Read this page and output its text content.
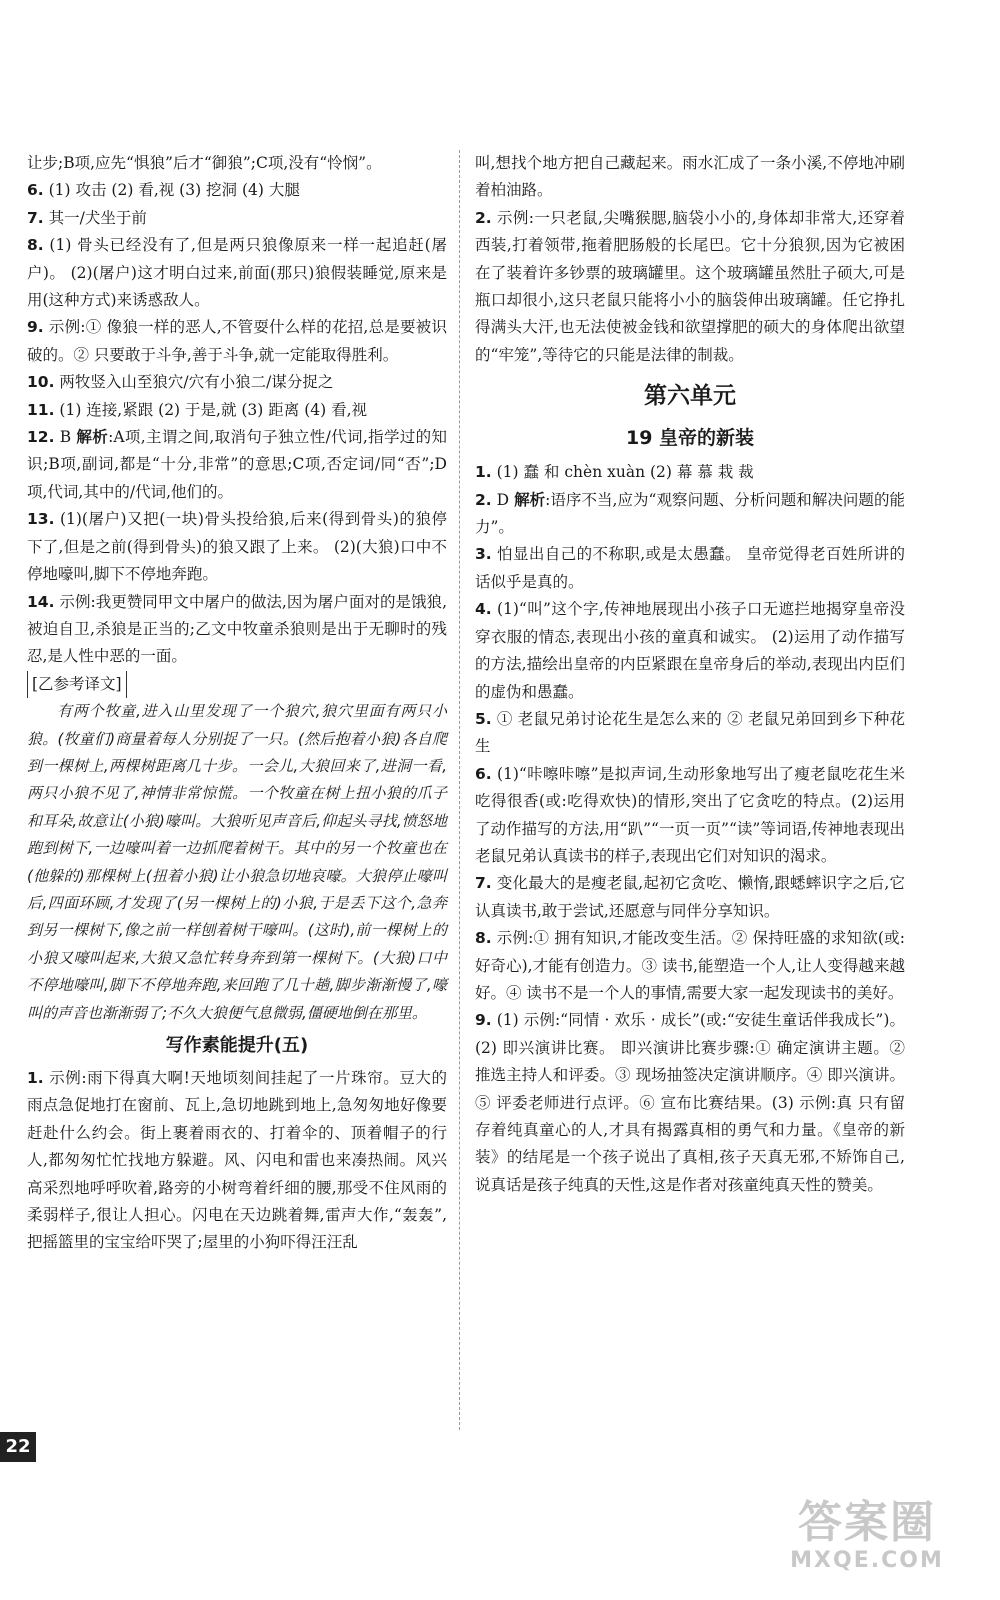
让步;B项,应先“惧狼”后才“御狼”;C项,没有“怜悯”。

6. (1) 攻击 (2) 看,视 (3) 挖洞 (4) 大腿

7. 其一/犬坐于前

8. (1) 骨头已经没有了,但是两只狼像原来一样一起追赶(屠户)。 (2)(屠户)这才明白过来,前面(那只)狼假装睡觉,原来是用(这种方式)来诱惑敌人。

9. 示例:① 像狼一样的恶人,不管耍什么样的花招,总是要被识破的。② 只要敢于斗争,善于斗争,就一定能取得胜利。

10. 两牧竖入山至狼穴/穴有小狼二/谋分捉之

11. (1) 连接,紧跟 (2) 于是,就 (3) 距离 (4) 看,视

12. B 解析:A项,主谓之间,取消句子独立性/代词,指学过的知识;B项,副词,都是“十分,非常”的意思;C项,否定词/同“否”;D项,代词,其中的/代词,他们的。

13. (1)(屠户)又把(一块)骨头投给狼,后来(得到骨头)的狼停下了,但是之前(得到骨头)的狼又跟了上来。 (2)(大狼)口中不停地嚎叫,脚下不停地奔跑。

14. 示例:我更赞同甲文中屠户的做法,因为屠户面对的是饿狼,被迫自卫,杀狼是正当的;乙文中牧童杀狼则是出于无聊时的残忍,是人性中恶的一面。

[乙参考译文]

有两个牧童,进入山里发现了一个狼穴,狼穴里面有两只小狼。(牧童们)商量着每人分别捉了一只。(然后抱着小狼)各自爬到一棵树上,两棵树距离几十步。一会儿,大狼回来了,进洞一看,两只小狼不见了,神情非常惊慌。一个牧童在树上扭小狼的爪子和耳朵,故意让(小狼)嚎叫。大狼听见声音后,仰起头寻找,愤怒地跑到树下,一边嚎叫着一边抓爬着树干。其中的另一个牧童也在(他躲的)那棵树上(扭着小狼)让小狼急切地哀嚎。大狼停止嚎叫后,四面环顾,才发现了(另一棵树上的)小狼,于是丢下这个,急奔到另一棵树下,像之前一样刨着树干嚎叫。(这时),前一棵树上的小狼又嚎叫起来,大狼又急忙转身奔到第一棵树下。(大狼)口中不停地嚎叫,脚下不停地奔跑,来回跑了几十趟,脚步渐渐慢了,嚎叫的声音也渐渐弱了;不久大狼便气息微弱,僵硬地倒在那里。

写作素能提升(五)

1. 示例:雨下得真大啊!天地顷刻间挂起了一片珠帘。豆大的雨点急促地打在窗前、瓦上,急切地跳到地上,急匆匆地好像要赶赴什么约会。街上裹着雨衣的、打着伞的、顶着帽子的行人,都匆匆忙忙找地方躲避。风、闪电和雷也来凑热闹。风兴高采烈地呼呼吹着,路旁的小树弯着纤细的腰,那受不住风雨的柔弱样子,很让人担心。闪电在天边跳着舞,雷声大作,“轰轰”,把摇篮里的宝宝给吓哭了;屋里的小狗吓得汪汪乱

叫,想找个地方把自己藏起来。雨水汇成了一条小溪,不停地冲刷着柏油路。

2. 示例:一只老鼠,尖嘴猴腮,脑袋小小的,身体却非常大,还穿着西装,打着领带,拖着肥肠般的长尾巴。它十分狼狈,因为它被困在了装着许多钞票的玻璃罐里。这个玻璃罐虽然肚子硕大,可是瓶口却很小,这只老鼠只能将小小的脑袋伸出玻璃罐。任它挣扎得满头大汗,也无法使被金钱和欲望撑肥的硕大的身体爬出欲望的“牢笼”,等待它的只能是法律的制裁。

第六单元
19 皇帝的新装

1. (1) 蠢 和 chèn xuàn (2) 幕 慕 栽 裁

2. D 解析:语序不当,应为“观察问题、分析问题和解决问题的能力”。

3. 怕显出自己的不称职,或是太愚蠢。 皇帝觉得老百姓所讲的话似乎是真的。

4. (1)“叫”这个字,传神地展现出小孩子口无遮拦地揭穿皇帝没穿衣服的情态,表现出小孩的童真和诚实。 (2)运用了动作描写的方法,描绘出皇帝的内臣紧跟在皇帝身后的举动,表现出内臣们的虚伪和愚蠢。

5. ① 老鼠兄弟讨论花生是怎么来的 ② 老鼠兄弟回到乡下种花生

6. (1)“咔嚓咔嚓”是拟声词,生动形象地写出了瘦老鼠吃花生米吃得很香(或:吃得欢快)的情形,突出了它贪吃的特点。(2)运用了动作描写的方法,用“趴”“一页一页”“读”等词语,传神地表现出老鼠兄弟认真读书的样子,表现出它们对知识的渴求。

7. 变化最大的是瘦老鼠,起初它贪吃、懒惰,跟蟋蟀识字之后,它认真读书,敢于尝试,还愿意与同伴分享知识。

8. 示例:① 拥有知识,才能改变生活。② 保持旺盛的求知欲(或:好奇心),才能有创造力。③ 读书,能塑造一个人,让人变得越来越好。④ 读书不是一个人的事情,需要大家一起发现读书的美好。

9. (1) 示例:“同情 · 欢乐 · 成长”(或:“安徒生童话伴我成长”)。 (2) 即兴演讲比赛。 即兴演讲比赛步骤:① 确定演讲主题。② 推选主持人和评委。③ 现场抽签决定演讲顺序。④ 即兴演讲。⑤ 评委老师进行点评。⑥ 宣布比赛结果。(3) 示例:真 只有留存着纯真童心的人,才具有揭露真相的勇气和力量。《皇帝的新装》的结尾是一个孩子说出了真相,孩子天真无邪,不矫饰自己,说真话是孩子纯真的天性,这是作者对孩童纯真天性的赞美。

22
答案圈
MXQE.COM
